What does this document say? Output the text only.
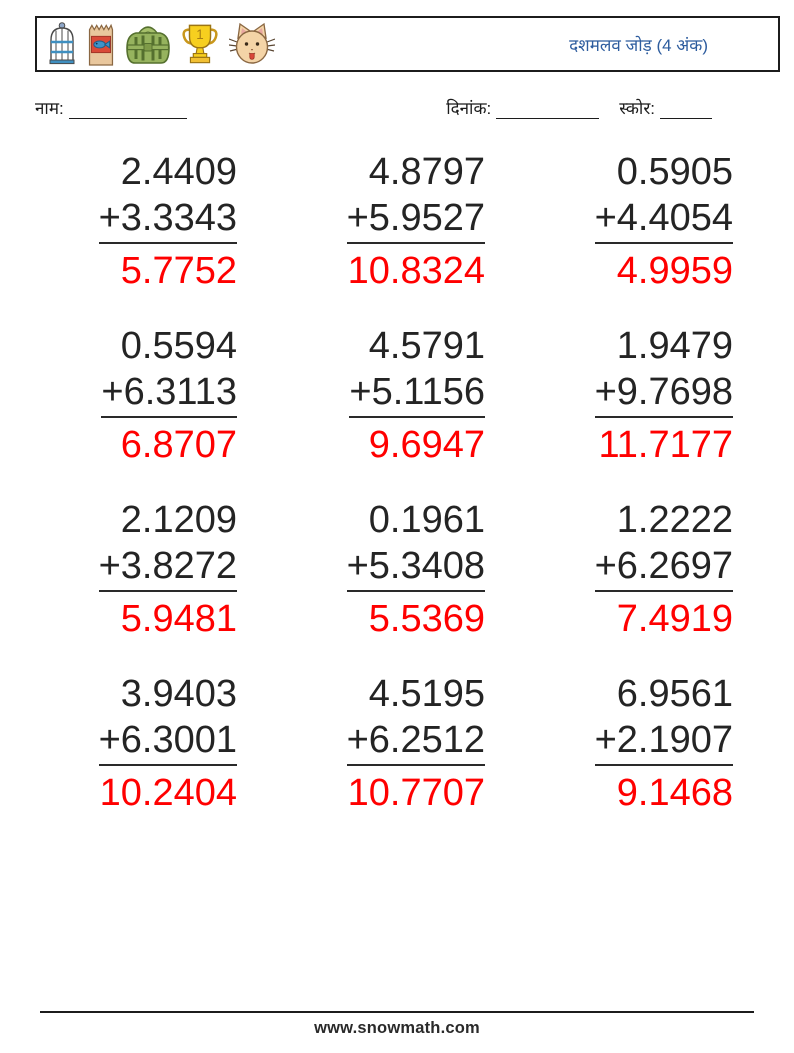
1
दशमलव जोड़ (4 अंक)
नाम:	दिनांक:	स्कोर:
2.4409
+3.3343
5.7752
4.8797
+5.9527
10.8324
0.5905
+4.4054
4.9959
0.5594
+6.3113
6.8707
4.5791
+5.1156
9.6947
1.9479
+9.7698
11.7177
2.1209
+3.8272
5.9481
0.1961
+5.3408
5.5369
1.2222
+6.2697
7.4919
3.9403
+6.3001
10.2404
4.5195
+6.2512
10.7707
6.9561
+2.1907
9.1468
www.snowmath.com
